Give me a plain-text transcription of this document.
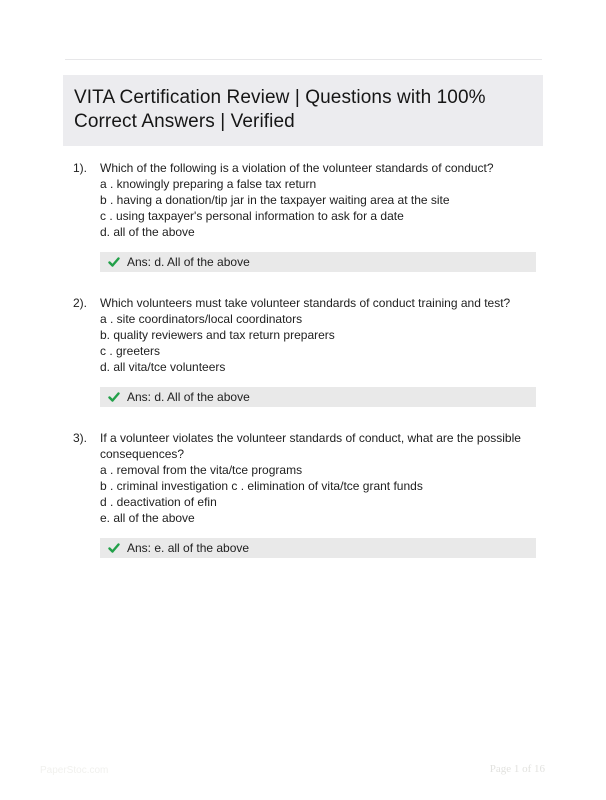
VITA Certification Review | Questions with 100% Correct Answers | Verified
1).	Which of the following is a violation of the volunteer standards of conduct?
a . knowingly preparing a false tax return
b . having a donation/tip jar in the taxpayer waiting area at the site
c . using taxpayer's personal information to ask for a date
d. all of the above
Ans: d. All of the above
2).	Which volunteers must take volunteer standards of conduct training and test?
a . site coordinators/local coordinators
b. quality reviewers and tax return preparers
c . greeters
d. all vita/tce volunteers
Ans: d. All of the above
3).	If a volunteer violates the volunteer standards of conduct, what are the possible consequences?
a . removal from the vita/tce programs
b . criminal investigation c . elimination of vita/tce grant funds
d . deactivation of efin
e. all of the above
Ans: e. all of the above
PaperStoc.com	Page 1 of 16
